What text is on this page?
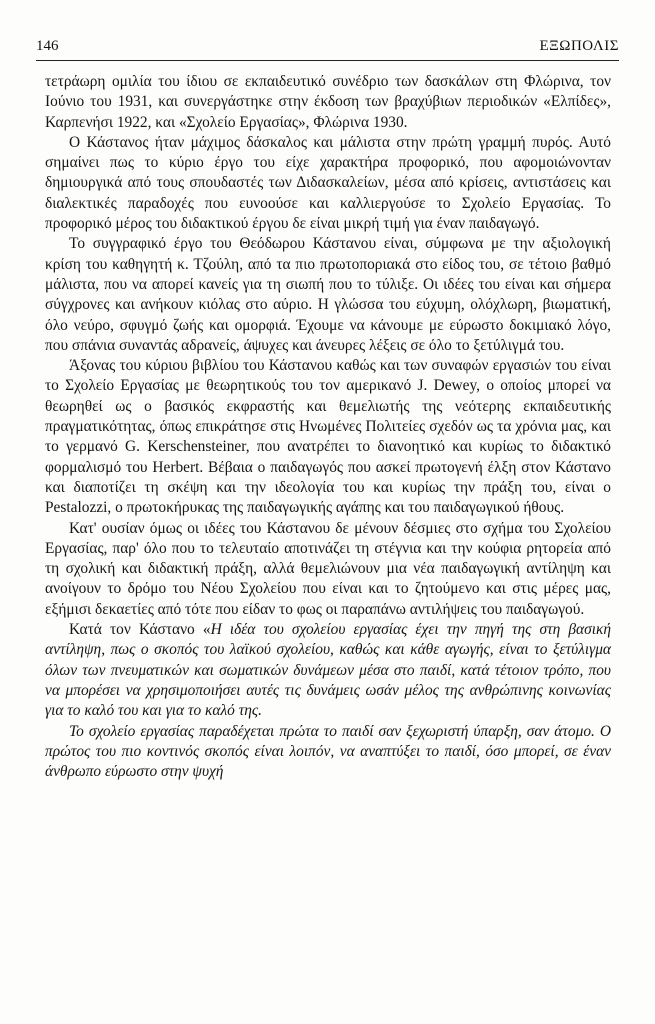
146	ΕΞΩΠΟΛΙΣ

τετράωρη ομιλία του ίδιου σε εκπαιδευτικό συνέδριο των δασκάλων στη Φλώρινα, τον Ιούνιο του 1931, και συνεργάστηκε στην έκδοση των βραχύβιων περιοδικών «Ελπίδες», Καρπενήσι 1922, και «Σχολείο Εργασίας», Φλώρινα 1930.

Ο Κάστανος ήταν μάχιμος δάσκαλος και μάλιστα στην πρώτη γραμμή πυρός. Αυτό σημαίνει πως το κύριο έργο του είχε χαρακτήρα προφορικό, που αφομοιώνονταν δημιουργικά από τους σπουδαστές των Διδασκαλείων, μέσα από κρίσεις, αντιστάσεις και διαλεκτικές παραδοχές που ευνοούσε και καλλιεργούσε το Σχολείο Εργασίας. Το προφορικό μέρος του διδακτικού έργου δε είναι μικρή τιμή για έναν παιδαγωγό.

Το συγγραφικό έργο του Θεόδωρου Κάστανου είναι, σύμφωνα με την αξιολογική κρίση του καθηγητή κ. Τζούλη, από τα πιο πρωτοποριακά στο είδος του, σε τέτοιο βαθμό μάλιστα, που να απορεί κανείς για τη σιωπή που το τύλιξε. Οι ιδέες του είναι και σήμερα σύγχρονες και ανήκουν κιόλας στο αύριο. Η γλώσσα του εύχυμη, ολόχλωρη, βιωματική, όλο νεύρο, σφυγμό ζωής και ομορφιά. Έχουμε να κάνουμε με εύρωστο δοκιμιακό λόγο, που σπάνια συναντάς αδρανείς, άψυχες και άνευρες λέξεις σε όλο το ξετύλιγμά του.

Άξονας του κύριου βιβλίου του Κάστανου καθώς και των συναφών εργασιών του είναι το Σχολείο Εργασίας με θεωρητικούς του τον αμερικανό J. Dewey, ο οποίος μπορεί να θεωρηθεί ως ο βασικός εκφραστής και θεμελιωτής της νεότερης εκπαιδευτικής πραγματικότητας, όπως επικράτησε στις Ηνωμένες Πολιτείες σχεδόν ως τα χρόνια μας, και το γερμανό G. Kerschensteiner, που ανατρέπει το διανοητικό και κυρίως το διδακτικό φορμαλισμό του Herbert. Βέβαια ο παιδαγωγός που ασκεί πρωτογενή έλξη στον Κάστανο και διαποτίζει τη σκέψη και την ιδεολογία του και κυρίως την πράξη του, είναι ο Pestalozzi, ο πρωτοκήρυκας της παιδαγωγικής αγάπης και του παιδαγωγικού ήθους.

Κατ' ουσίαν όμως οι ιδέες του Κάστανου δε μένουν δέσμιες στο σχήμα του Σχολείου Εργασίας, παρ' όλο που το τελευταίο αποτινάζει τη στέγνια και την κούφια ρητορεία από τη σχολική και διδακτική πράξη, αλλά θεμελιώνουν μια νέα παιδαγωγική αντίληψη και ανοίγουν το δρόμο του Νέου Σχολείου που είναι και το ζητούμενο και στις μέρες μας, εξήμισι δεκαετίες από τότε που είδαν το φως οι παραπάνω αντιλήψεις του παιδαγωγού.

Κατά τον Κάστανο «Η ιδέα του σχολείου εργασίας έχει την πηγή της στη βασική αντίληψη, πως ο σκοπός του λαϊκού σχολείου, καθώς και κάθε αγωγής, είναι το ξετύλιγμα όλων των πνευματικών και σωματικών δυνάμεων μέσα στο παιδί, κατά τέτοιον τρόπο, που να μπορέσει να χρησιμοποιήσει αυτές τις δυνάμεις ωσάν μέλος της ανθρώπινης κοινωνίας για το καλό του και για το καλό της.

Το σχολείο εργασίας παραδέχεται πρώτα το παιδί σαν ξεχωριστή ύπαρξη, σαν άτομο. Ο πρώτος του πιο κοντινός σκοπός είναι λοιπόν, να αναπτύξει το παιδί, όσο μπορεί, σε έναν άνθρωπο εύρωστο στην ψυχή
